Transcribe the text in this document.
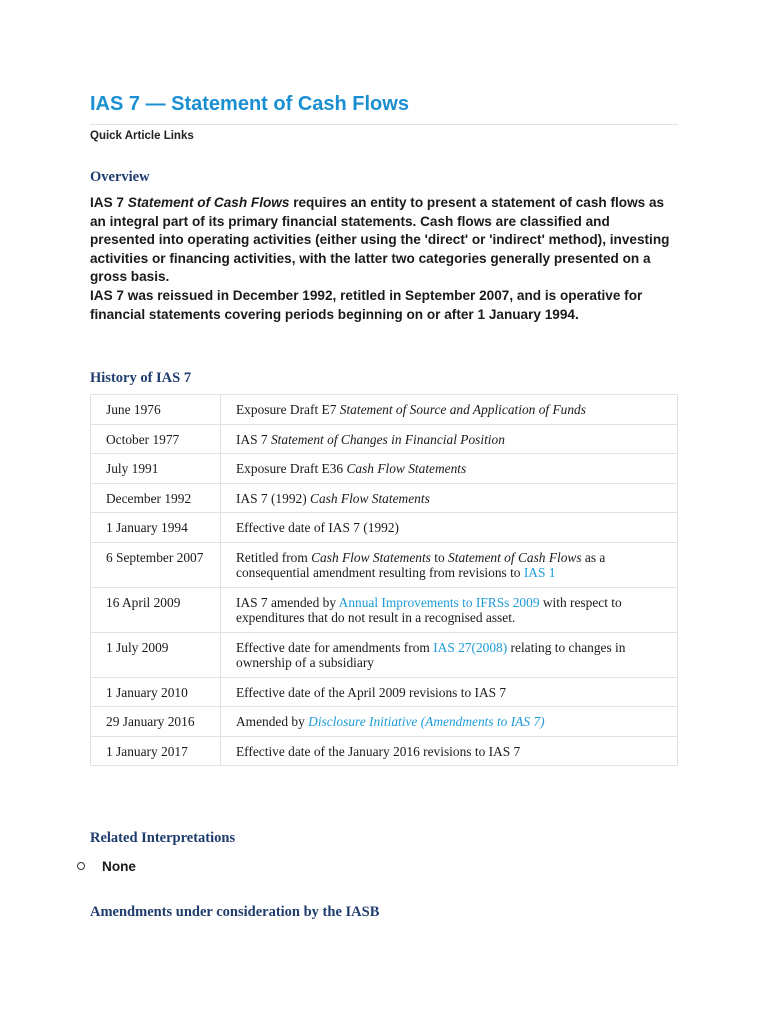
IAS 7 — Statement of Cash Flows
Quick Article Links
Overview

IAS 7 Statement of Cash Flows requires an entity to present a statement of cash flows as an integral part of its primary financial statements. Cash flows are classified and presented into operating activities (either using the 'direct' or 'indirect' method), investing activities or financing activities, with the latter two categories generally presented on a gross basis.

IAS 7 was reissued in December 1992, retitled in September 2007, and is operative for financial statements covering periods beginning on or after 1 January 1994.

History of IAS 7
June 1976	Exposure Draft E7 Statement of Source and Application of Funds
October 1977	IAS 7 Statement of Changes in Financial Position
July 1991	Exposure Draft E36 Cash Flow Statements
December 1992	IAS 7 (1992) Cash Flow Statements
1 January 1994	Effective date of IAS 7 (1992)
6 September 2007	Retitled from Cash Flow Statements to Statement of Cash Flows as a consequential amendment resulting from revisions to IAS 1
16 April 2009	IAS 7 amended by Annual Improvements to IFRSs 2009 with respect to expenditures that do not result in a recognised asset.
1 July 2009	Effective date for amendments from IAS 27(2008) relating to changes in ownership of a subsidiary
1 January 2010	Effective date of the April 2009 revisions to IAS 7
29 January 2016	Amended by Disclosure Initiative (Amendments to IAS 7)
1 January 2017	Effective date of the January 2016 revisions to IAS 7
Related Interpretations
None
Amendments under consideration by the IASB
